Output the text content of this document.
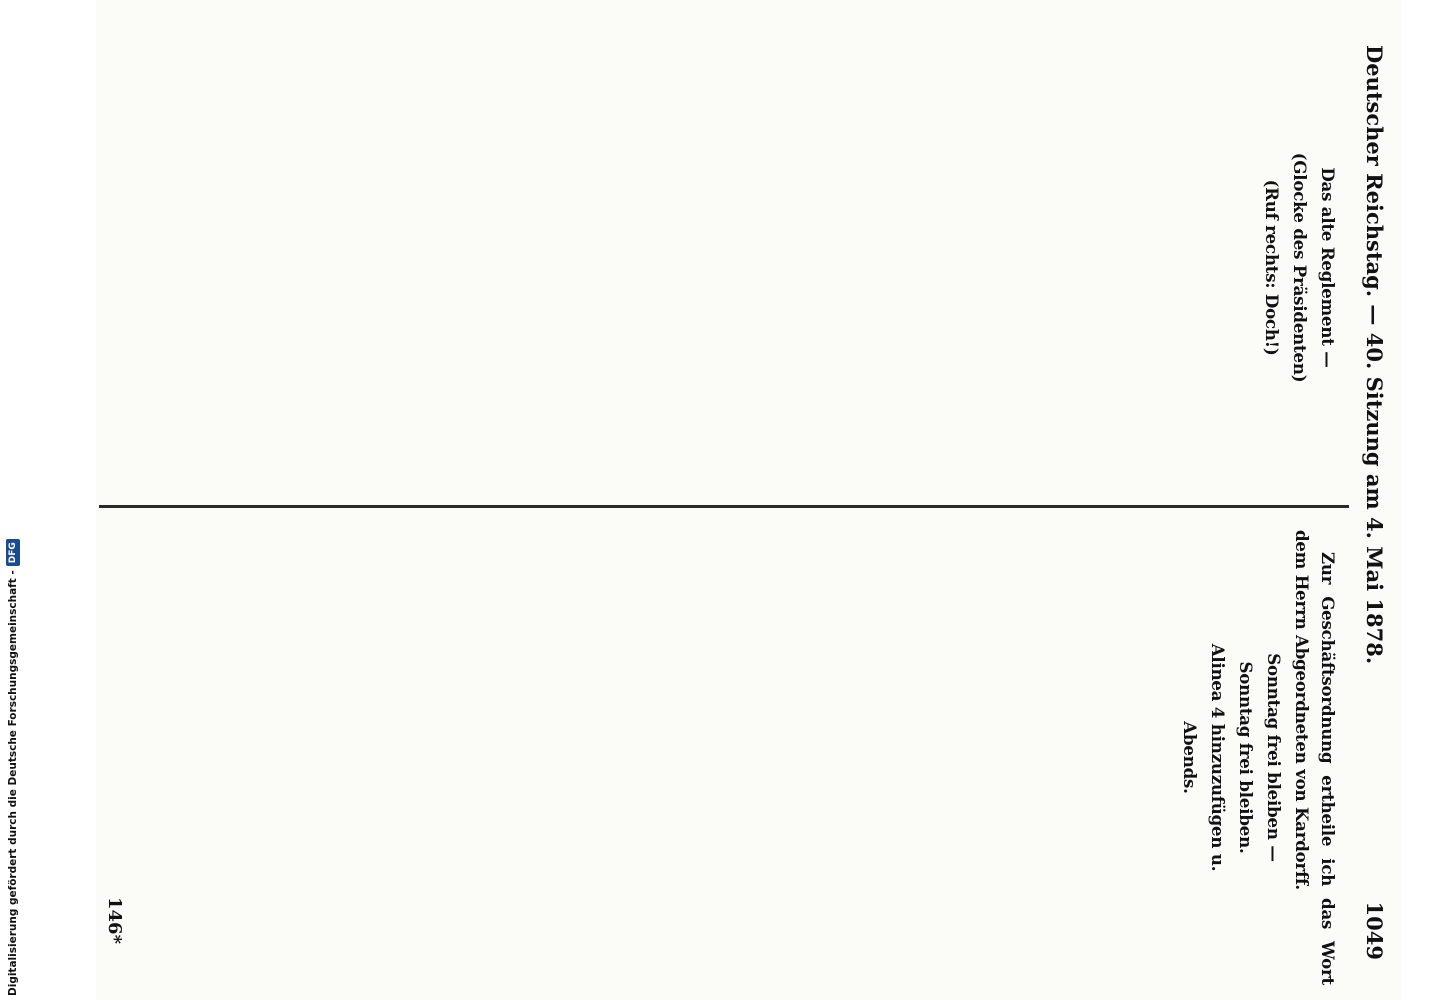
Deutscher Reichstag. — 40. Sitzung am 4. Mai 1878.
1049

Das alte Reglement —

(Glocke des Präsidenten)

(Ruf rechts: Doch!)

Zur Geschäftsordnung ertheile ich das Wort dem Herrn Abgeordneten von Kardorff.

Sonntag frei bleiben —

Sonntag frei bleiben.

Alinea 4 hinzuzufügen u.

Abends.

146*
Digitalisierung gefördert durch die Deutsche Forschungsgemeinschaft -DFG
